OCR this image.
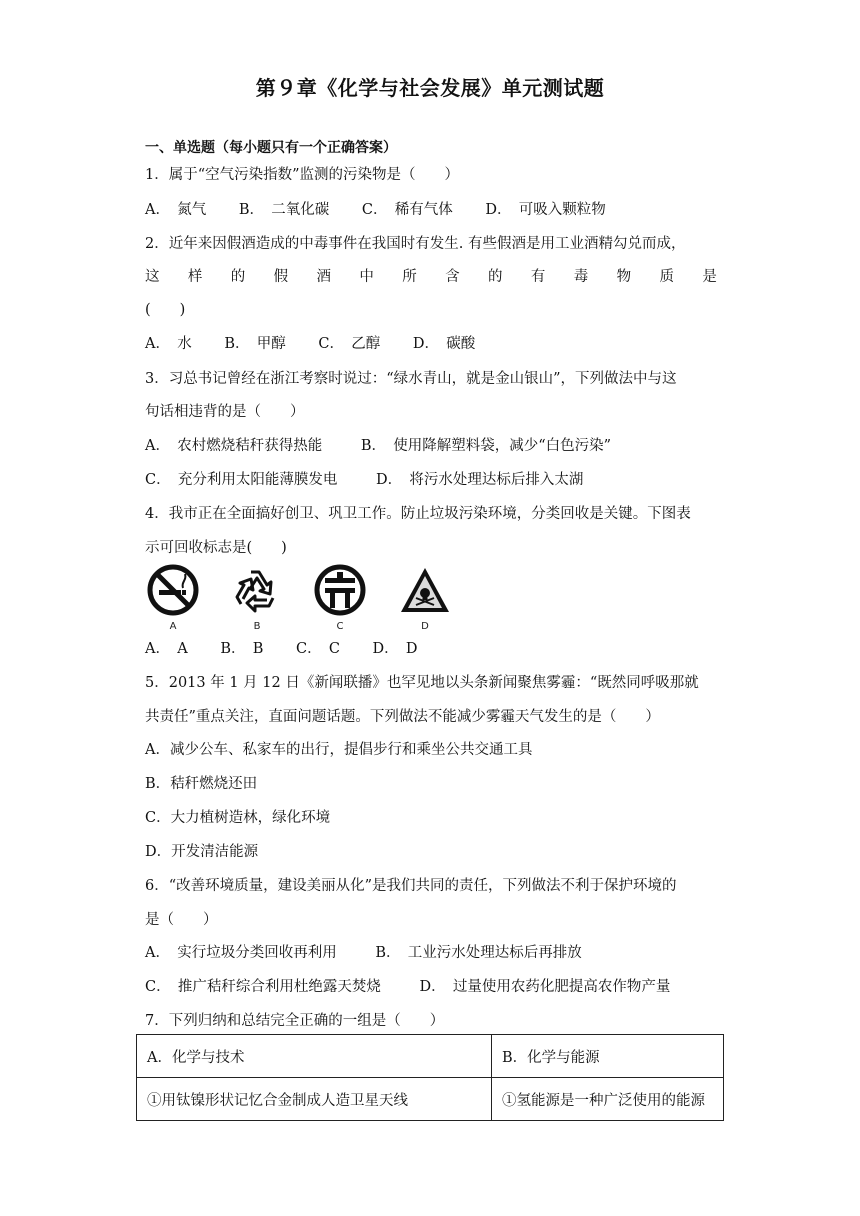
第９章《化学与社会发展》单元测试题
一、单选题（每小题只有一个正确答案）
1．属于“空气污染指数”监测的污染物是（　　）
A．　氮气 B．　二氧化碳 C．　稀有气体 D．　可吸入颗粒物
2．近年来因假酒造成的中毒事件在我国时有发生. 有些假酒是用工业酒精勾兑而成，
这 样 的 假 酒 中 所 含 的 有 毒 物 质 是
(　　)
A．　水 B．　甲醇 C．　乙醇 D．　碳酸
3．习总书记曾经在浙江考察时说过：“绿水青山，就是金山银山”，下列做法中与这
句话相违背的是（　　）
A．　农村燃烧秸秆获得热能	B．　使用降解塑料袋，减少“白色污染”
C．　充分利用太阳能薄膜发电	D．　将污水处理达标后排入太湖
4．我市正在全面搞好创卫、巩卫工作。防止垃圾污染环境，分类回收是关键。下图表
示可回收标志是(　　)
A	B	C	D
A．　A B．　B C．　C D．　D
5．2013 年 1 月 12 日《新闻联播》也罕见地以头条新闻聚焦雾霾：“既然同呼吸那就
共责任”重点关注，直面问题话题。下列做法不能减少雾霾天气发生的是（　　）
A．减少公车、私家车的出行，提倡步行和乘坐公共交通工具
B．秸秆燃烧还田
C．大力植树造林，绿化环境
D．开发清洁能源
6．“改善环境质量，建设美丽从化”是我们共同的责任，下列做法不利于保护环境的
是（　　）
A．　实行垃圾分类回收再利用	B．　工业污水处理达标后再排放
C．　推广秸秆综合利用杜绝露天焚烧	D．　过量使用农药化肥提高农作物产量
7．下列归纳和总结完全正确的一组是（　　）
A．化学与技术	B．化学与能源
①用钛镍形状记忆合金制成人造卫星天线	①氢能源是一种广泛使用的能源
